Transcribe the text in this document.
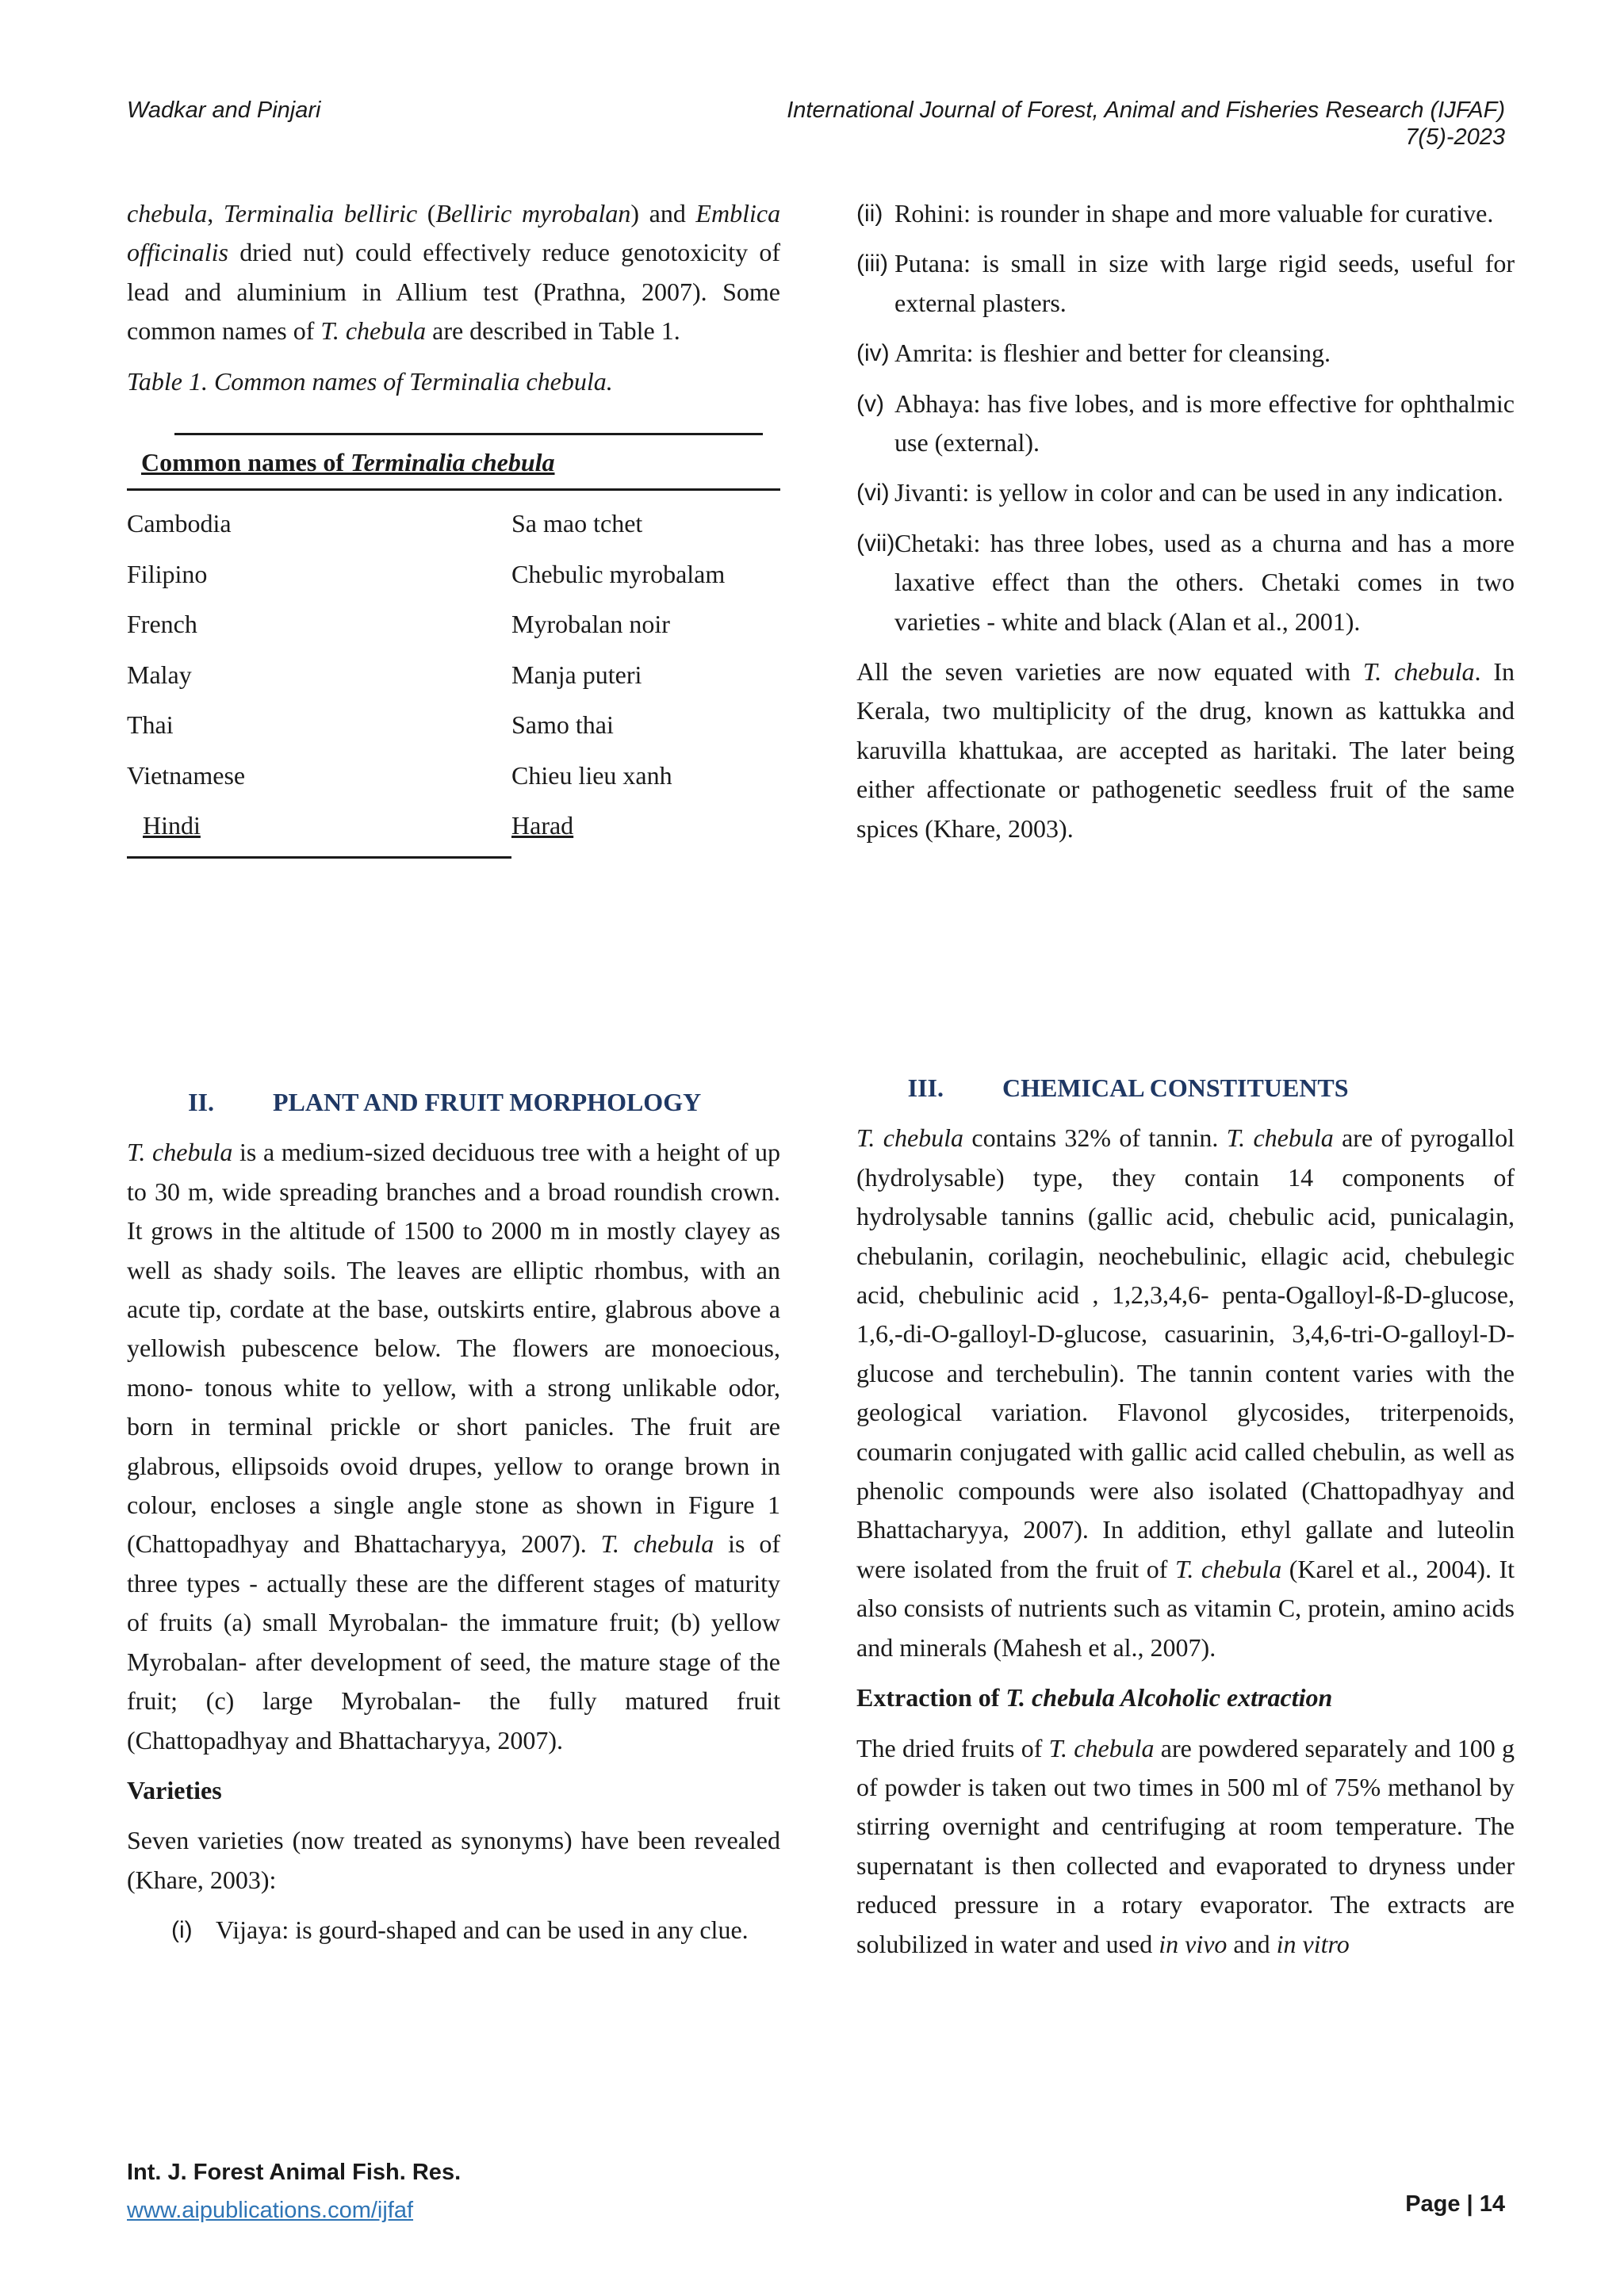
Wadkar and Pinjari	International Journal of Forest, Animal and Fisheries Research (IJFAF)
7(5)-2023

chebula, Terminalia belliric (Belliric myrobalan) and Emblica officinalis dried nut) could effectively reduce genotoxicity of lead and aluminium in Allium test (Prathna, 2007). Some common names of T. chebula are described in Table 1.

Table 1. Common names of Terminalia chebula.
Common names of Terminalia chebula
Cambodia	Sa mao tchet
Filipino	Chebulic myrobalam
French	Myrobalan noir
Malay	Manja puteri
Thai	Samo thai
Vietnamese	Chieu lieu xanh
Hindi	Harad
(ii) Rohini: is rounder in shape and more valuable for curative.
(iii) Putana: is small in size with large rigid seeds, useful for external plasters.
(iv) Amrita: is fleshier and better for cleansing.
(v) Abhaya: has five lobes, and is more effective for ophthalmic use (external).
(vi) Jivanti: is yellow in color and can be used in any indication.
(vii) Chetaki: has three lobes, used as a churna and has a more laxative effect than the others. Chetaki comes in two varieties - white and black (Alan et al., 2001).

All the seven varieties are now equated with T. chebula. In Kerala, two multiplicity of the drug, known as kattukka and karuvilla khattukaa, are accepted as haritaki. The later being either affectionate or pathogenetic seedless fruit of the same spices (Khare, 2003).

II.	PLANT AND FRUIT MORPHOLOGY

T. chebula is a medium-sized deciduous tree with a height of up to 30 m, wide spreading branches and a broad roundish crown. It grows in the altitude of 1500 to 2000 m in mostly clayey as well as shady soils. The leaves are elliptic rhombus, with an acute tip, cordate at the base, outskirts entire, glabrous above a yellowish pubescence below. The flowers are monoecious, mono- tonous white to yellow, with a strong unlikable odor, born in terminal prickle or short panicles. The fruit are glabrous, ellipsoids ovoid drupes, yellow to orange brown in colour, encloses a single angle stone as shown in Figure 1 (Chattopadhyay and Bhattacharyya, 2007). T. chebula is of three types - actually these are the different stages of maturity of fruits (a) small Myrobalan- the immature fruit; (b) yellow Myrobalan- after development of seed, the mature stage of the fruit; (c) large Myrobalan- the fully matured fruit (Chattopadhyay and Bhattacharyya, 2007).

Varieties

Seven varieties (now treated as synonyms) have been revealed (Khare, 2003):

(i) Vijaya: is gourd-shaped and can be used in any clue.
III.	CHEMICAL CONSTITUENTS

T. chebula contains 32% of tannin. T. chebula are of pyrogallol (hydrolysable) type, they contain 14 components of hydrolysable tannins (gallic acid, chebulic acid, punicalagin, chebulanin, corilagin, neochebulinic, ellagic acid, chebulegic acid, chebulinic acid , 1,2,3,4,6- penta-Ogalloyl-ß-D-glucose, 1,6,-di-O-galloyl-D-glucose, casuarinin, 3,4,6-tri-O-galloyl-D-glucose and terchebulin). The tannin content varies with the geological variation. Flavonol glycosides, triterpenoids, coumarin conjugated with gallic acid called chebulin, as well as phenolic compounds were also isolated (Chattopadhyay and Bhattacharyya, 2007). In addition, ethyl gallate and luteolin were isolated from the fruit of T. chebula (Karel et al., 2004). It also consists of nutrients such as vitamin C, protein, amino acids and minerals (Mahesh et al., 2007).

Extraction of T. chebula Alcoholic extraction

The dried fruits of T. chebula are powdered separately and 100 g of powder is taken out two times in 500 ml of 75% methanol by stirring overnight and centrifuging at room temperature. The supernatant is then collected and evaporated to dryness under reduced pressure in a rotary evaporator. The extracts are solubilized in water and used in vivo and in vitro

Int. J. Forest Animal Fish. Res.
www.aipublications.com/ijfaf	Page | 14
